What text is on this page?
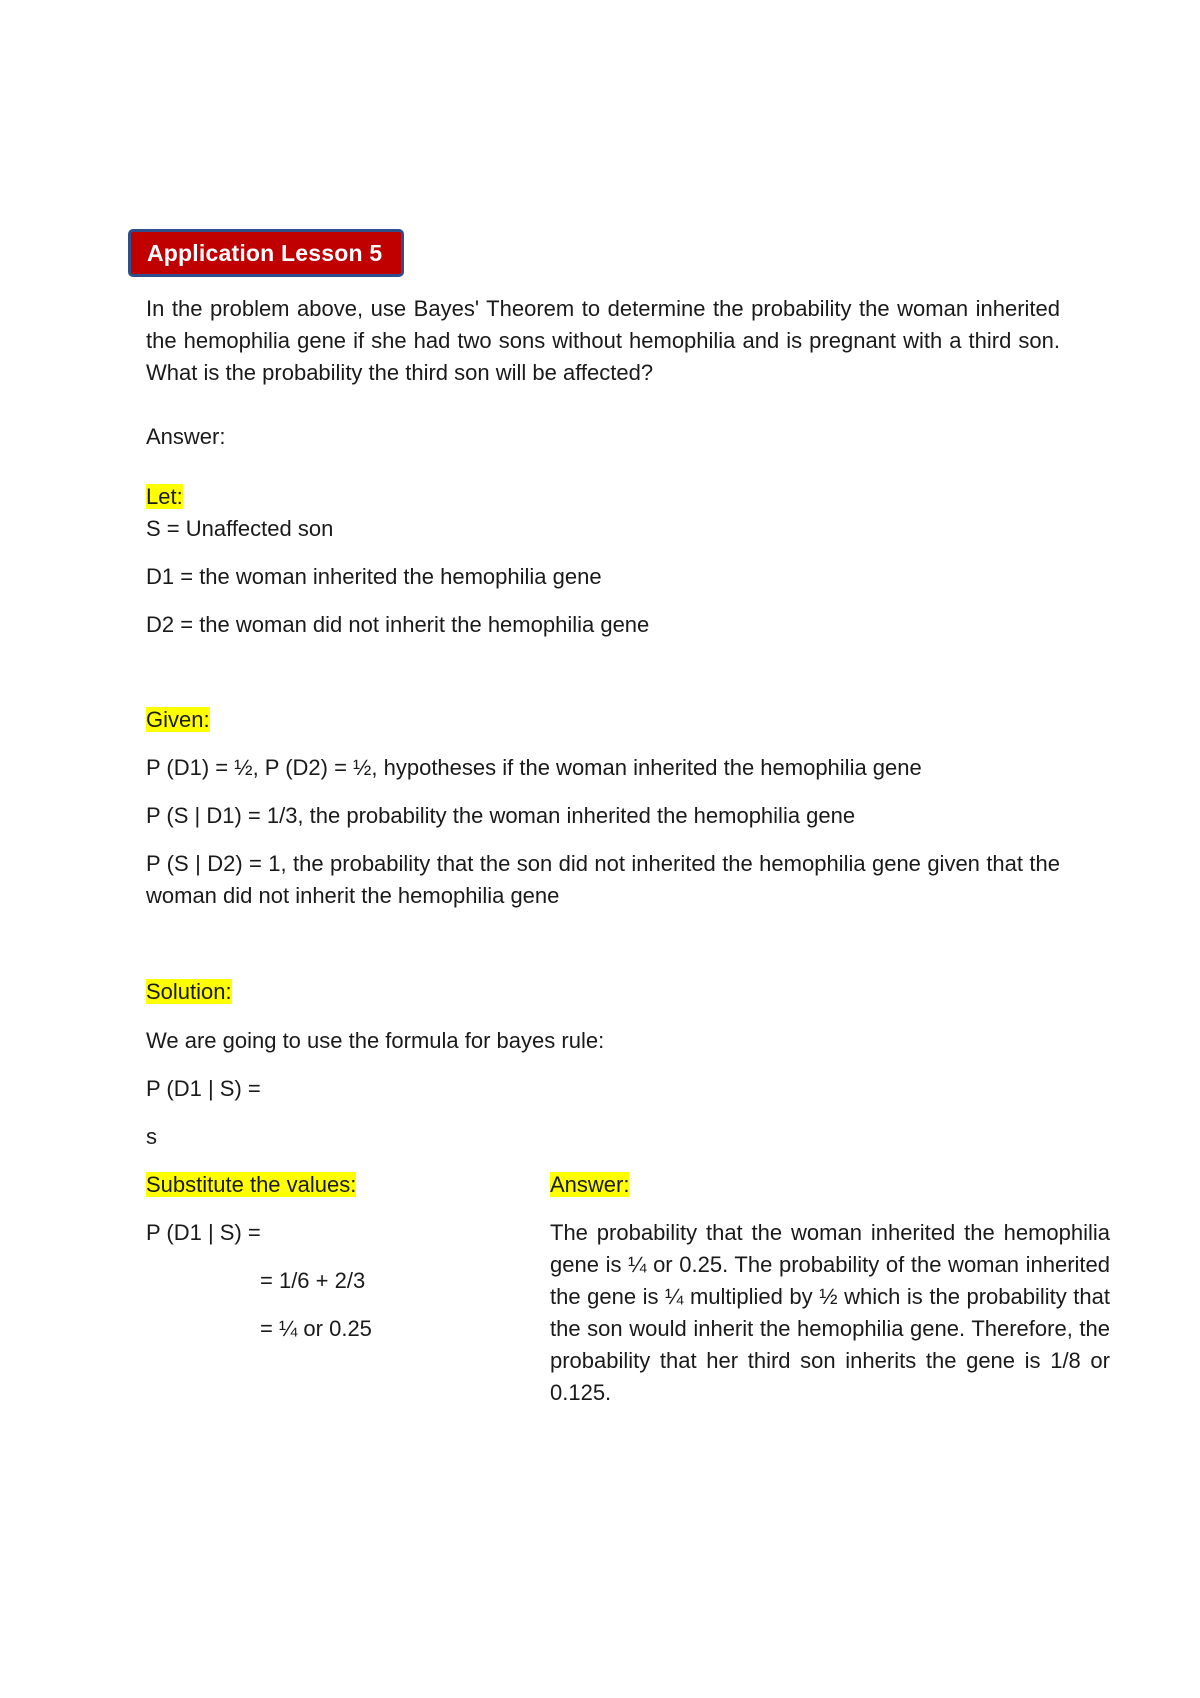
Application Lesson 5

In the problem above, use Bayes' Theorem to determine the probability the woman inherited the hemophilia gene if she had two sons without hemophilia and is pregnant with a third son. What is the probability the third son will be affected?

Answer:

Let:

S = Unaffected son

D1 = the woman inherited the hemophilia gene

D2 = the woman did not inherit the hemophilia gene

Given:

P (D1) = ½, P (D2) = ½, hypotheses if the woman inherited the hemophilia gene

P (S | D1) = 1/3, the probability the woman inherited the hemophilia gene

P (S | D2) = 1, the probability that the son did not inherited the hemophilia gene given that the woman did not inherit the hemophilia gene

Solution:

We are going to use the formula for bayes rule:

P (D1 | S) =

s

Substitute the values:

P (D1 | S) =

= 1/6 + 2/3

= ¼ or 0.25

Answer:

The probability that the woman inherited the hemophilia gene is ¼ or 0.25. The probability of the woman inherited the gene is ¼ multiplied by ½ which is the probability that the son would inherit the hemophilia gene. Therefore, the probability that her third son inherits the gene is 1/8 or 0.125.
